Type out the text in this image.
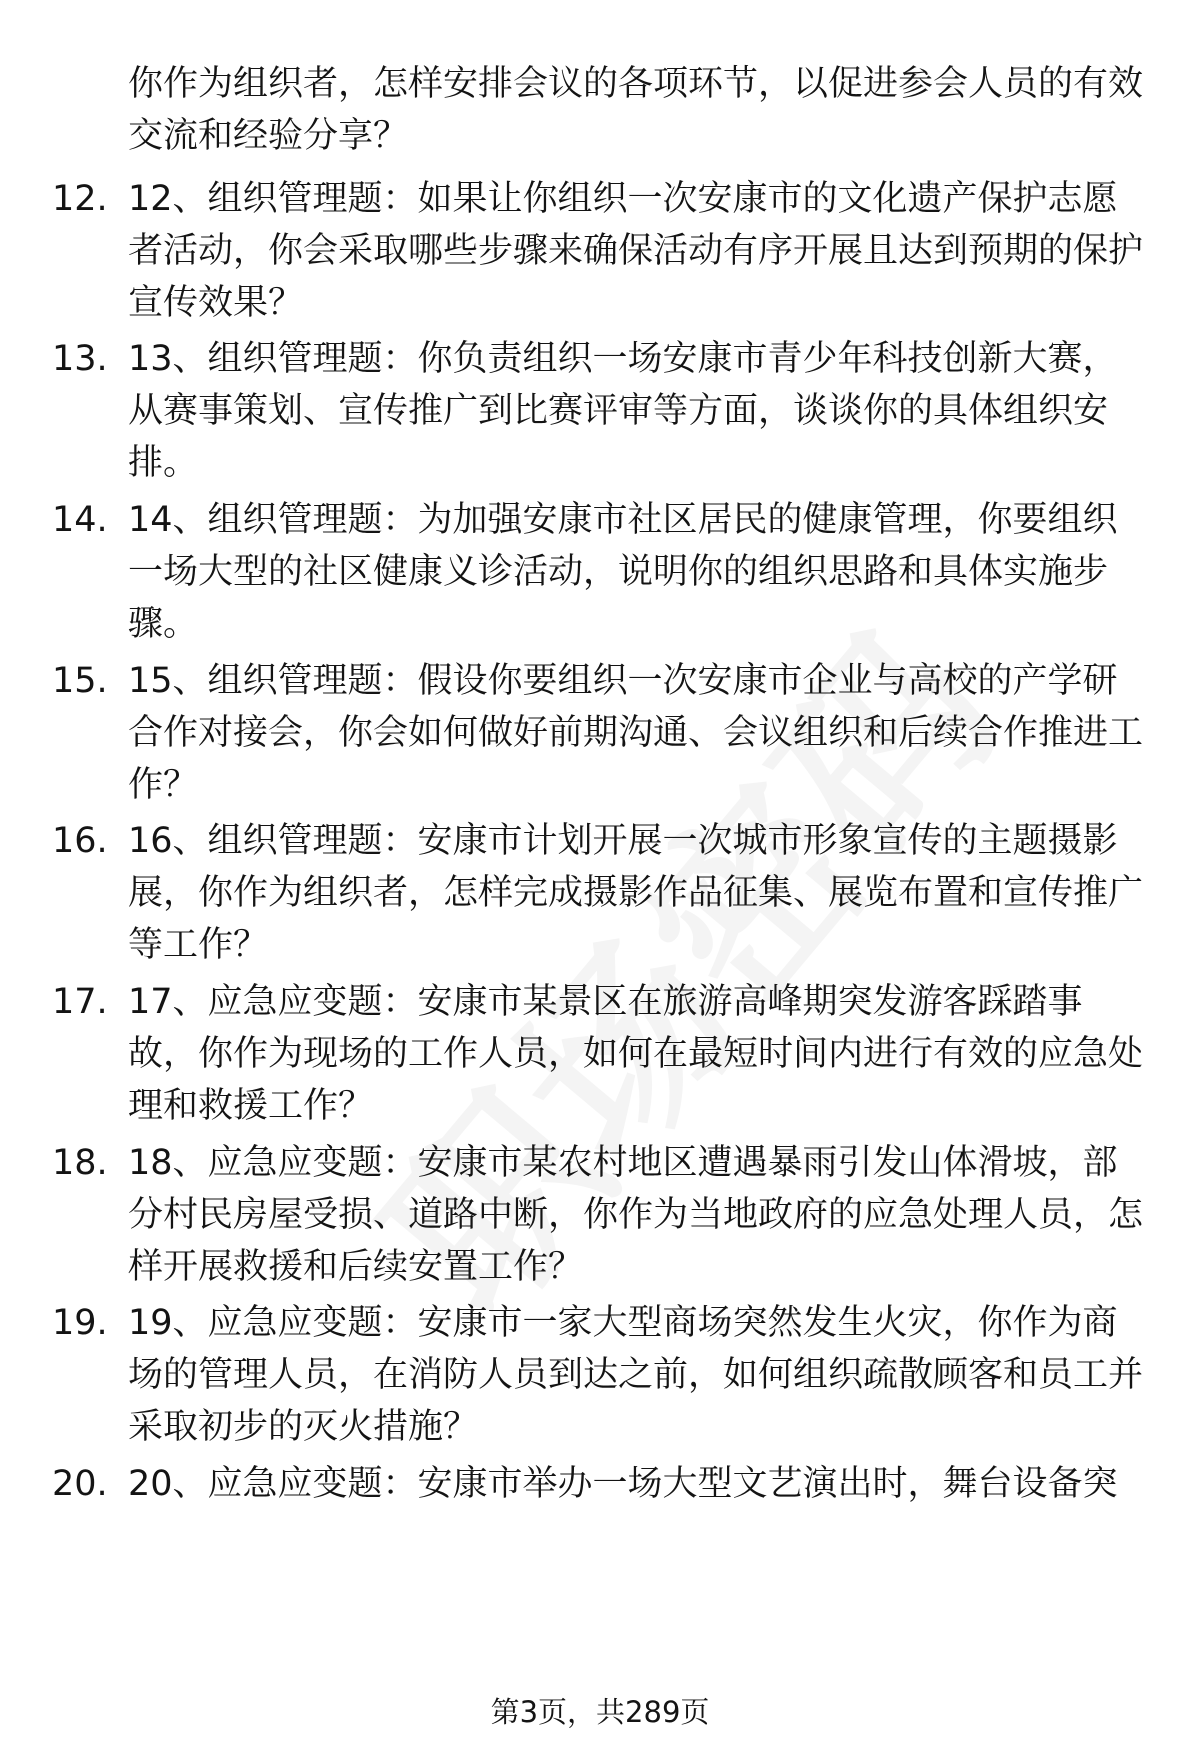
你作为组织者，怎样安排会议的各项环节，以促进参会人员的有效交流和经验分享？

12. 12、组织管理题：如果让你组织一次安康市的文化遗产保护志愿者活动，你会采取哪些步骤来确保活动有序开展且达到预期的保护宣传效果？
13. 13、组织管理题：你负责组织一场安康市青少年科技创新大赛，从赛事策划、宣传推广到比赛评审等方面，谈谈你的具体组织安排。
14. 14、组织管理题：为加强安康市社区居民的健康管理，你要组织一场大型的社区健康义诊活动，说明你的组织思路和具体实施步骤。
15. 15、组织管理题：假设你要组织一次安康市企业与高校的产学研合作对接会，你会如何做好前期沟通、会议组织和后续合作推进工作？
16. 16、组织管理题：安康市计划开展一次城市形象宣传的主题摄影展，你作为组织者，怎样完成摄影作品征集、展览布置和宣传推广等工作？
17. 17、应急应变题：安康市某景区在旅游高峰期突发游客踩踏事故，你作为现场的工作人员，如何在最短时间内进行有效的应急处理和救援工作？
18. 18、应急应变题：安康市某农村地区遭遇暴雨引发山体滑坡，部分村民房屋受损、道路中断，你作为当地政府的应急处理人员，怎样开展救援和后续安置工作？
19. 19、应急应变题：安康市一家大型商场突然发生火灾，你作为商场的管理人员，在消防人员到达之前，如何组织疏散顾客和员工并采取初步的灭火措施？
20. 20、应急应变题：安康市举办一场大型文艺演出时，舞台设备突
第3页，共289页
